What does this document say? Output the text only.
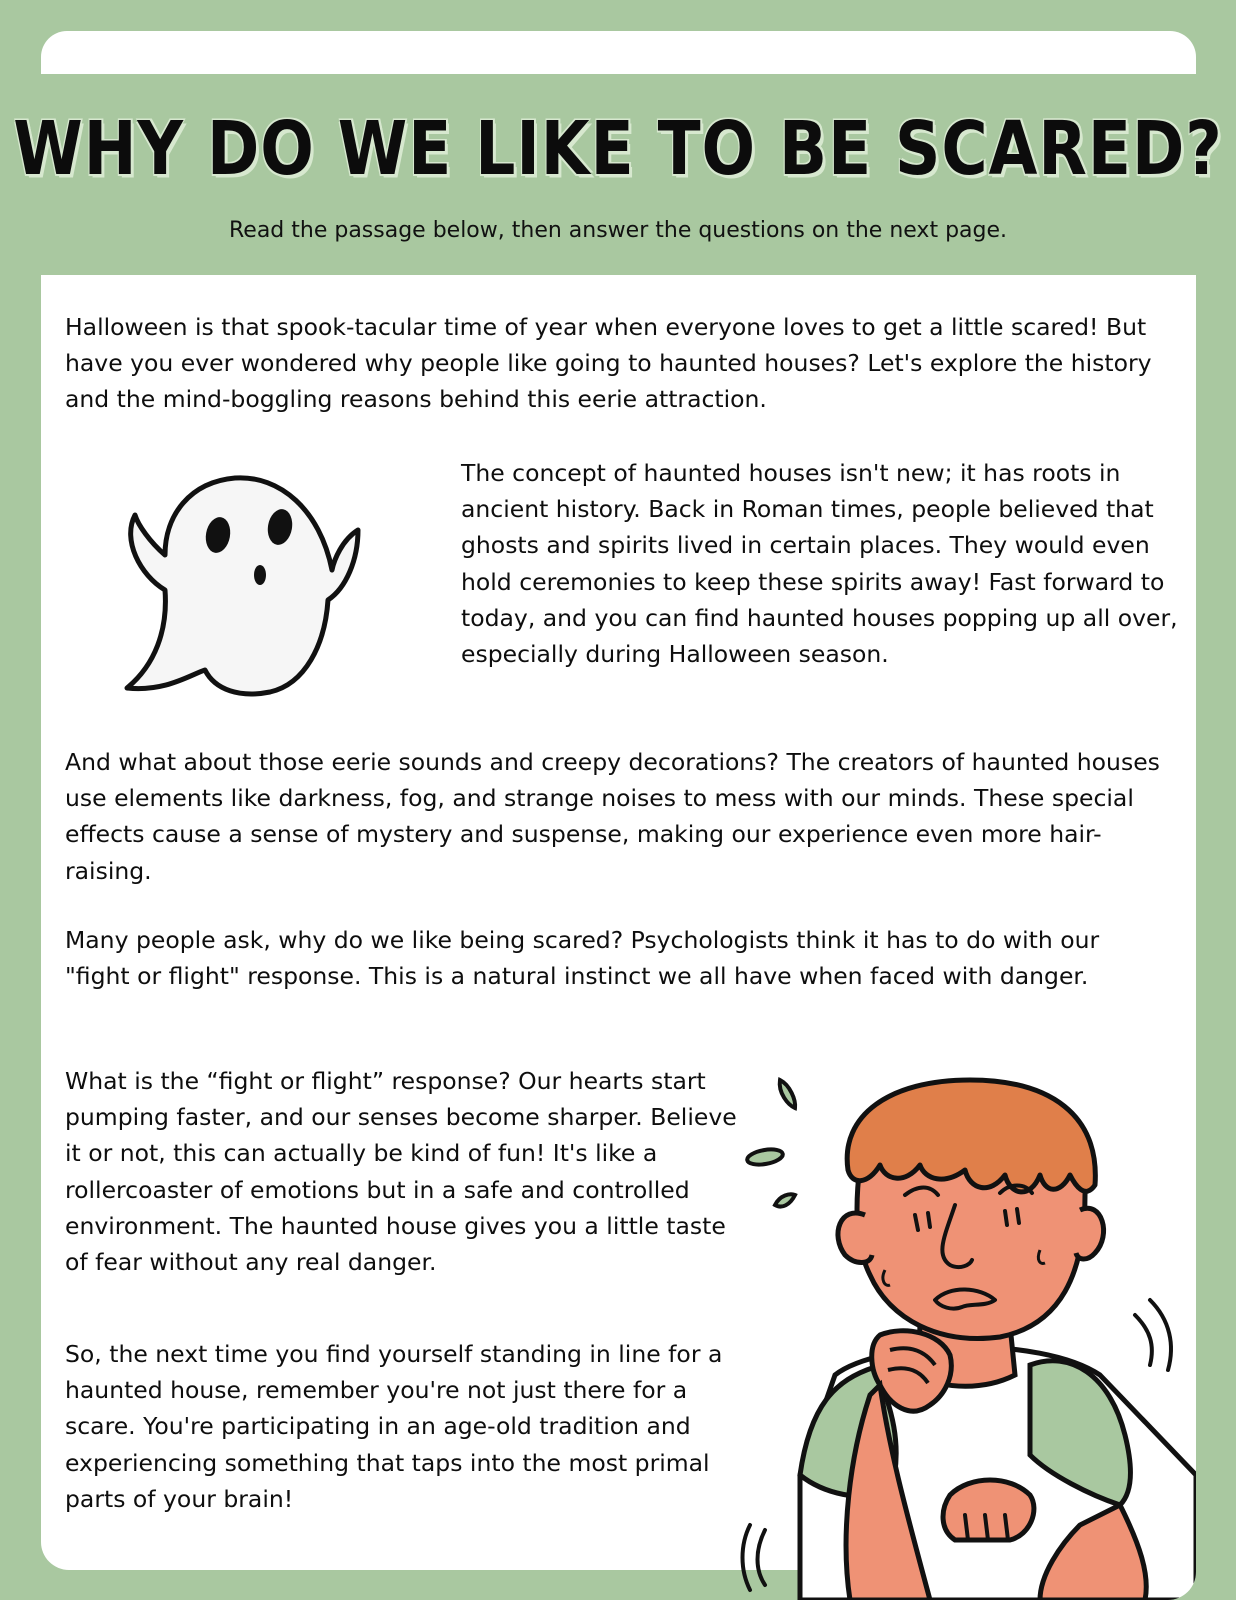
WHY DO WE LIKE TO BE SCARED?

Read the passage below, then answer the questions on the next page.

Halloween is that spook-tacular time of year when everyone loves to get a little scared! But have you ever wondered why people like going to haunted houses? Let's explore the history and the mind-boggling reasons behind this eerie attraction.

The concept of haunted houses isn't new; it has roots in ancient history. Back in Roman times, people believed that ghosts and spirits lived in certain places. They would even hold ceremonies to keep these spirits away! Fast forward to today, and you can find haunted houses popping up all over, especially during Halloween season.

And what about those eerie sounds and creepy decorations? The creators of haunted houses use elements like darkness, fog, and strange noises to mess with our minds. These special effects cause a sense of mystery and suspense, making our experience even more hair-raising.

Many people ask, why do we like being scared? Psychologists think it has to do with our "fight or flight" response. This is a natural instinct we all have when faced with danger.

What is the “fight or flight” response? Our hearts start pumping faster, and our senses become sharper. Believe it or not, this can actually be kind of fun! It's like a rollercoaster of emotions but in a safe and controlled environment. The haunted house gives you a little taste of fear without any real danger.

So, the next time you find yourself standing in line for a haunted house, remember you're not just there for a scare. You're participating in an age-old tradition and experiencing something that taps into the most primal parts of your brain!
